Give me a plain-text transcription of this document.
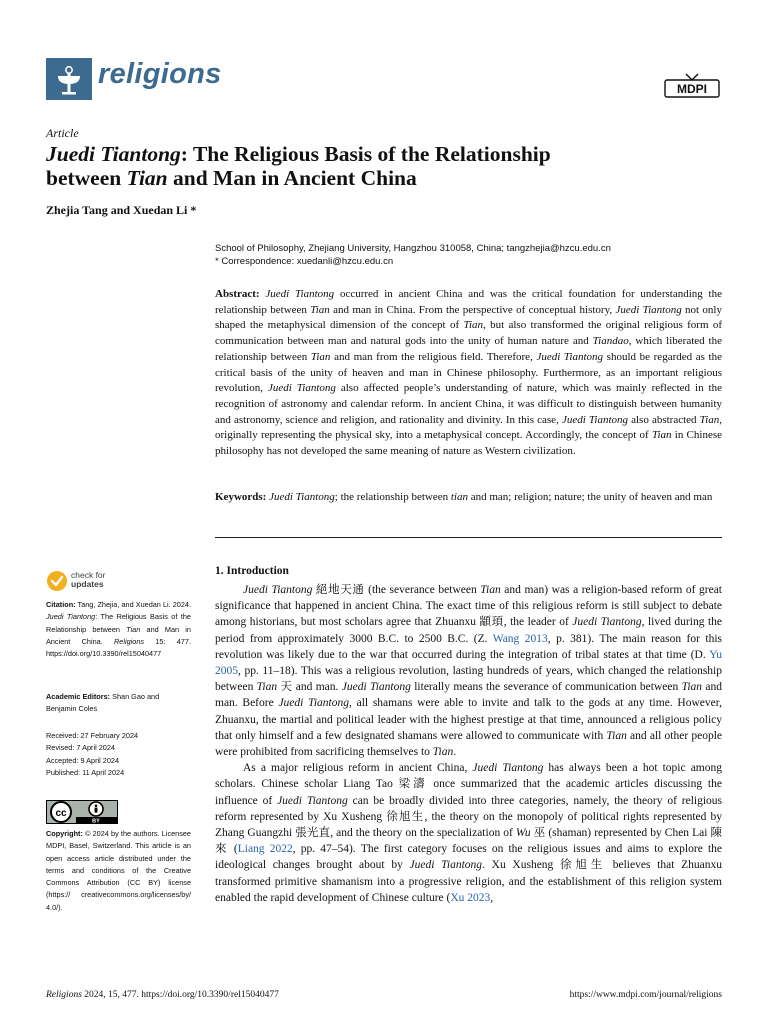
religions	MDPI
Article
Juedi Tiantong: The Religious Basis of the Relationship
between Tian and Man in Ancient China
Zhejia Tang and Xuedan Li *
School of Philosophy, Zhejiang University, Hangzhou 310058, China; tangzhejia@hzcu.edu.cn
* Correspondence: xuedanli@hzcu.edu.cn
Abstract: Juedi Tiantong occurred in ancient China and was the critical foundation for understanding the relationship between Tian and man in China. From the perspective of conceptual history, Juedi Tiantong not only shaped the metaphysical dimension of the concept of Tian, but also transformed the original religious form of communication between man and natural gods into the unity of human nature and Tiandao, which liberated the relationship between Tian and man from the religious field. Therefore, Juedi Tiantong should be regarded as the critical basis of the unity of heaven and man in Chinese philosophy. Furthermore, as an important religious revolution, Juedi Tiantong also affected people’s understanding of nature, which was mainly reflected in the recognition of astronomy and calendar reform. In ancient China, it was difficult to distinguish between humanity and astronomy, science and religion, and rationality and divinity. In this case, Juedi Tiantong also abstracted Tian, originally representing the physical sky, into a metaphysical concept. Accordingly, the concept of Tian in Chinese philosophy has not developed the same meaning of nature as Western civilization.
Keywords: Juedi Tiantong; the relationship between tian and man; religion; nature; the unity of heaven and man
check for
updates
Citation: Tang, Zhejia, and Xuedan Li. 2024. Juedi Tiantong: The Religious Basis of the Relationship between Tian and Man in Ancient China. Religions 15: 477. https://doi.org/10.3390/rel15040477
Academic Editors: Shan Gao and Benjamin Coles
Received: 27 February 2024
Revised: 7 April 2024
Accepted: 9 April 2024
Published: 11 April 2024
cc
BY
Copyright: © 2024 by the authors. Licensee MDPI, Basel, Switzerland. This article is an open access article distributed under the terms and conditions of the Creative Commons Attribution (CC BY) license (https:// creativecommons.org/licenses/by/ 4.0/).
1. Introduction

Juedi Tiantong 絕地天通 (the severance between Tian and man) was a religion-based reform of great significance that happened in ancient China. The exact time of this religious reform is still subject to debate among historians, but most scholars agree that Zhuanxu 顓頊, the leader of Juedi Tiantong, lived during the period from approximately 3000 B.C. to 2500 B.C. (Z. Wang 2013, p. 381). The main reason for this revolution was likely due to the war that occurred during the integration of tribal states at that time (D. Yu 2005, pp. 11–18). This was a religious revolution, lasting hundreds of years, which changed the relationship between Tian 天 and man. Juedi Tiantong literally means the severance of communication between Tian and man. Before Juedi Tiantong, all shamans were able to invite and talk to the gods at any time. However, Zhuanxu, the martial and political leader with the highest prestige at that time, announced a religious policy that only himself and a few designated shamans were allowed to communicate with Tian and all other people were prohibited from sacrificing themselves to Tian.

As a major religious reform in ancient China, Juedi Tiantong has always been a hot topic among scholars. Chinese scholar Liang Tao 梁濤 once summarized that the academic articles discussing the influence of Juedi Tiantong can be broadly divided into three categories, namely, the theory of religious reform represented by Xu Xusheng 徐旭生, the theory on the monopoly of political rights represented by Zhang Guangzhi 張光直, and the theory on the specialization of Wu 巫 (shaman) represented by Chen Lai 陳來 (Liang 2022, pp. 47–54). The first category focuses on the religious issues and aims to explore the ideological changes brought about by Juedi Tiantong. Xu Xusheng 徐旭生 believes that Zhuanxu transformed primitive shamanism into a progressive religion, and the establishment of this religion system enabled the rapid development of Chinese culture (Xu 2023,

Religions 2024, 15, 477. https://doi.org/10.3390/rel15040477	https://www.mdpi.com/journal/religions
